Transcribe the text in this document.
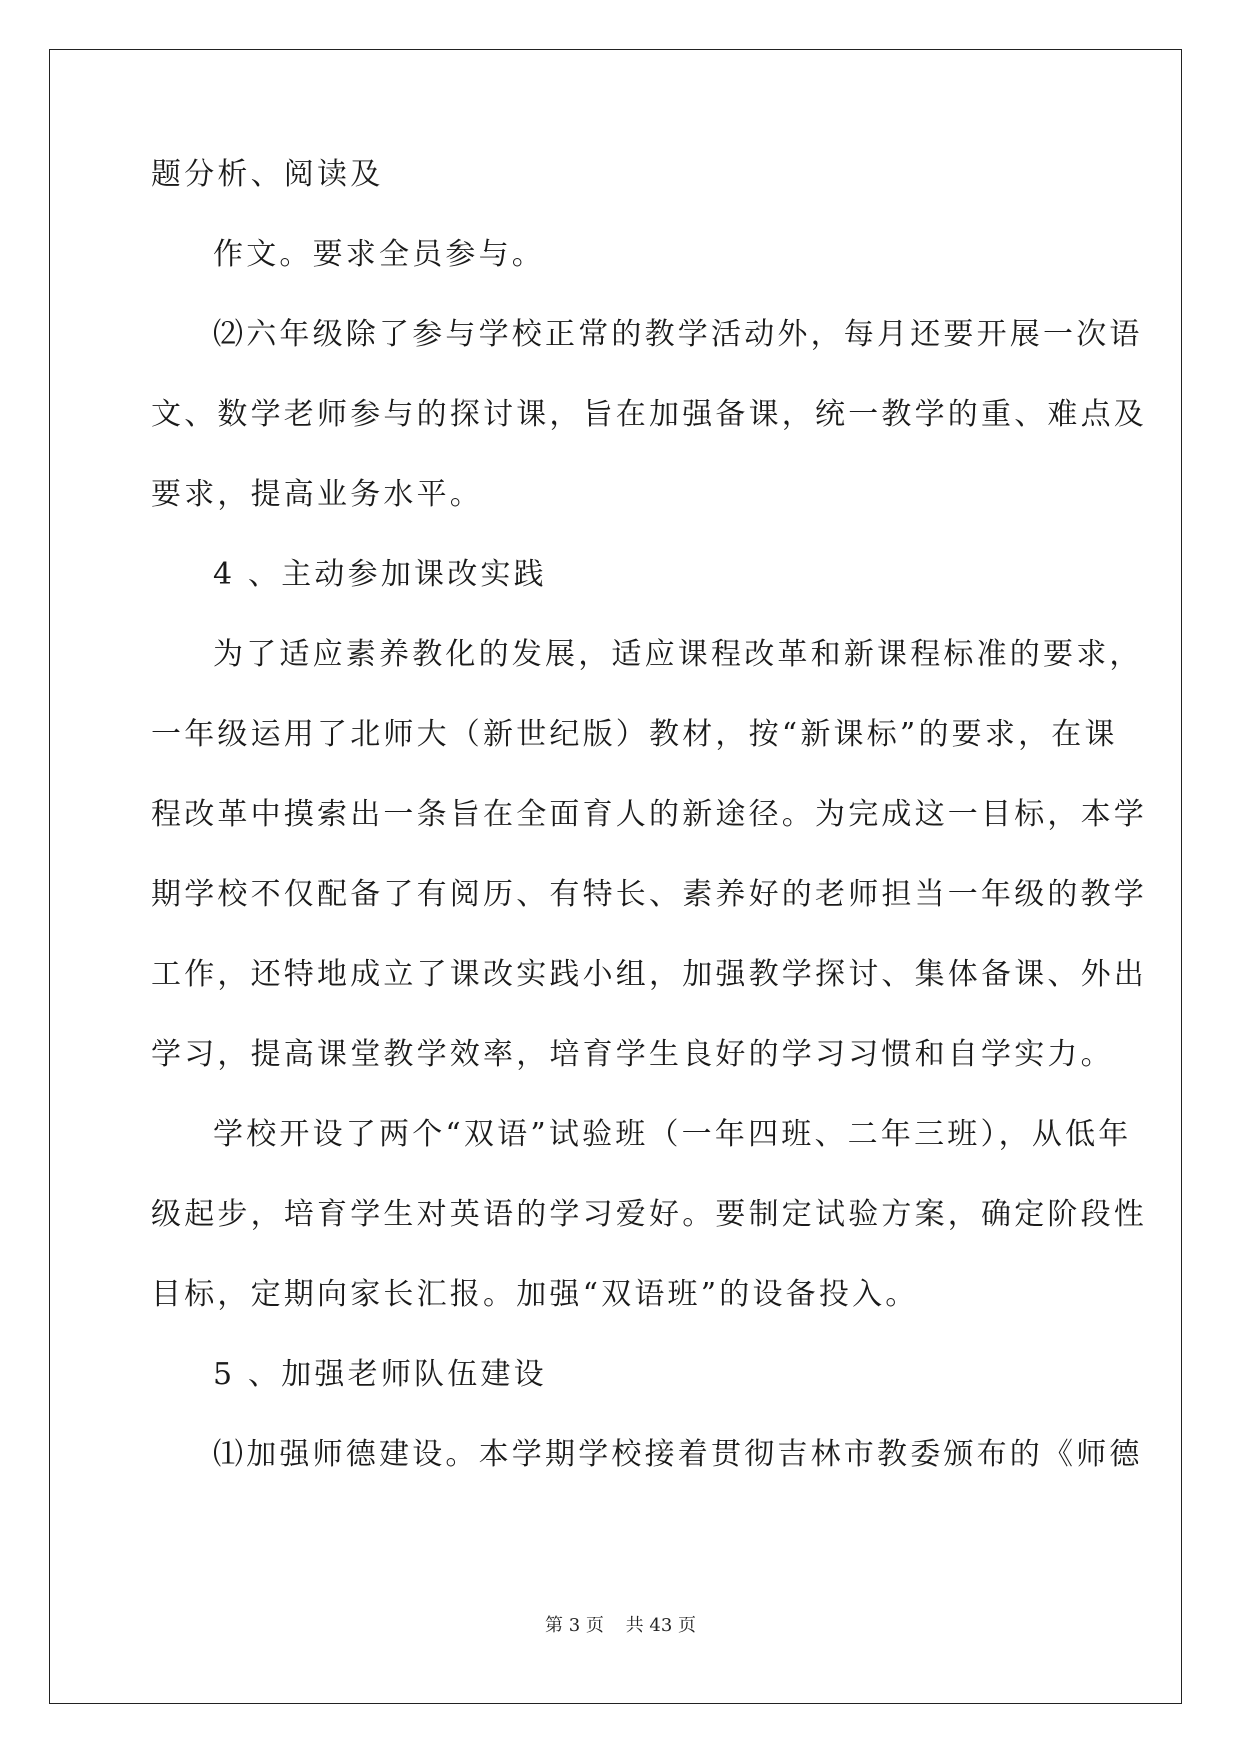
题分析、阅读及
作文。要求全员参与。
⑵六年级除了参与学校正常的教学活动外，每月还要开展一次语
文、数学老师参与的探讨课，旨在加强备课，统一教学的重、难点及
要求，提高业务水平。
4 、主动参加课改实践
为了适应素养教化的发展，适应课程改革和新课程标准的要求，
一年级运用了北师大（新世纪版）教材，按“新课标”的要求，在课
程改革中摸索出一条旨在全面育人的新途径。为完成这一目标，本学
期学校不仅配备了有阅历、有特长、素养好的老师担当一年级的教学
工作，还特地成立了课改实践小组，加强教学探讨、集体备课、外出
学习，提高课堂教学效率，培育学生良好的学习习惯和自学实力。
学校开设了两个“双语”试验班（一年四班、二年三班），从低年
级起步，培育学生对英语的学习爱好。要制定试验方案，确定阶段性
目标，定期向家长汇报。加强“双语班”的设备投入。
5 、加强老师队伍建设
⑴加强师德建设。本学期学校接着贯彻吉林市教委颁布的《师德
第 3 页 共 43 页
